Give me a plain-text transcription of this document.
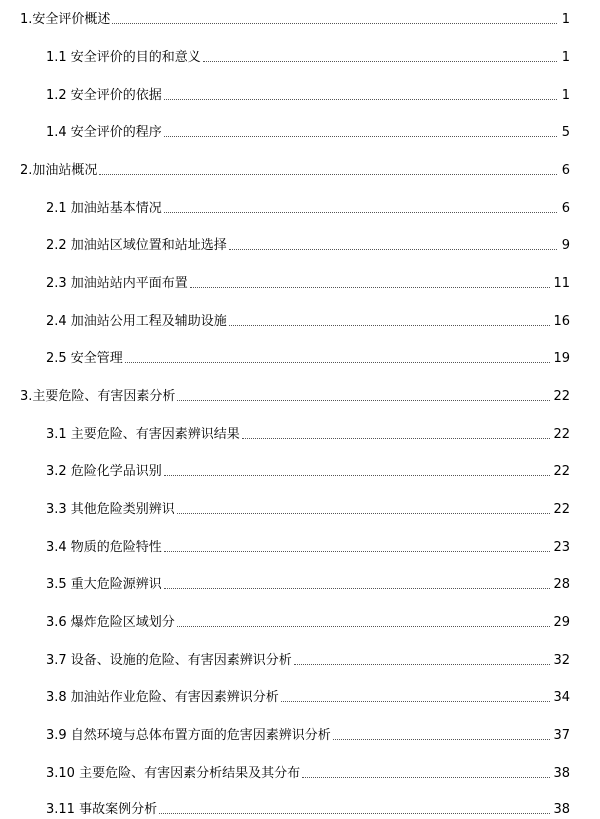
1.安全评价概述	1
1.1 安全评价的目的和意义	1
1.2 安全评价的依据	1
1.4 安全评价的程序	5
2.加油站概况	6
2.1 加油站基本情况	6
2.2 加油站区域位置和站址选择	9
2.3 加油站站内平面布置	11
2.4 加油站公用工程及辅助设施	16
2.5 安全管理	19
3.主要危险、有害因素分析	22
3.1 主要危险、有害因素辨识结果	22
3.2 危险化学品识别	22
3.3 其他危险类别辨识	22
3.4 物质的危险特性	23
3.5 重大危险源辨识	28
3.6 爆炸危险区域划分	29
3.7 设备、设施的危险、有害因素辨识分析	32
3.8 加油站作业危险、有害因素辨识分析	34
3.9 自然环境与总体布置方面的危害因素辨识分析	37
3.10 主要危险、有害因素分析结果及其分布	38
3.11 事故案例分析	38
